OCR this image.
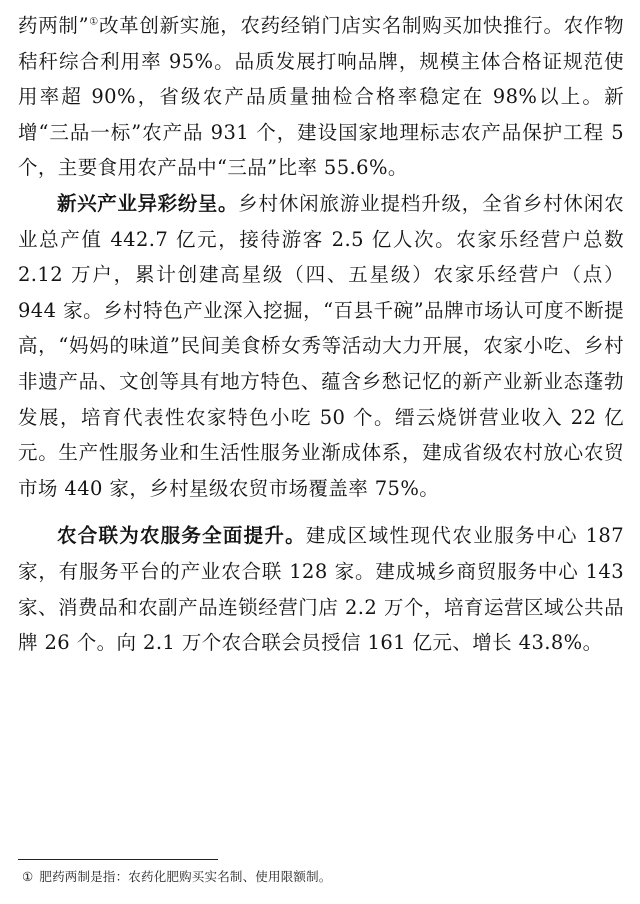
药两制”①改革创新实施，农药经销门店实名制购买加快推行。农作物秸秆综合利用率 95%。品质发展打响品牌，规模主体合格证规范使用率超 90%，省级农产品质量抽检合格率稳定在 98%以上。新增“三品一标”农产品 931 个，建设国家地理标志农产品保护工程 5 个，主要食用农产品中“三品”比率 55.6%。

新兴产业异彩纷呈。乡村休闲旅游业提档升级，全省乡村休闲农业总产值 442.7 亿元，接待游客 2.5 亿人次。农家乐经营户总数 2.12 万户，累计创建高星级（四、五星级）农家乐经营户（点）944 家。乡村特色产业深入挖掘，“百县千碗”品牌市场认可度不断提高，“妈妈的味道”民间美食桥女秀等活动大力开展，农家小吃、乡村非遗产品、文创等具有地方特色、蕴含乡愁记忆的新产业新业态蓬勃发展，培育代表性农家特色小吃 50 个。缙云烧饼营业收入 22 亿元。生产性服务业和生活性服务业渐成体系，建成省级农村放心农贸市场 440 家，乡村星级农贸市场覆盖率 75%。

农合联为农服务全面提升。建成区域性现代农业服务中心 187 家，有服务平台的产业农合联 128 家。建成城乡商贸服务中心 143 家、消费品和农副产品连锁经营门店 2.2 万个，培育运营区域公共品牌 26 个。向 2.1 万个农合联会员授信 161 亿元、增长 43.8%。

① 肥药两制是指：农药化肥购买实名制、使用限额制。
